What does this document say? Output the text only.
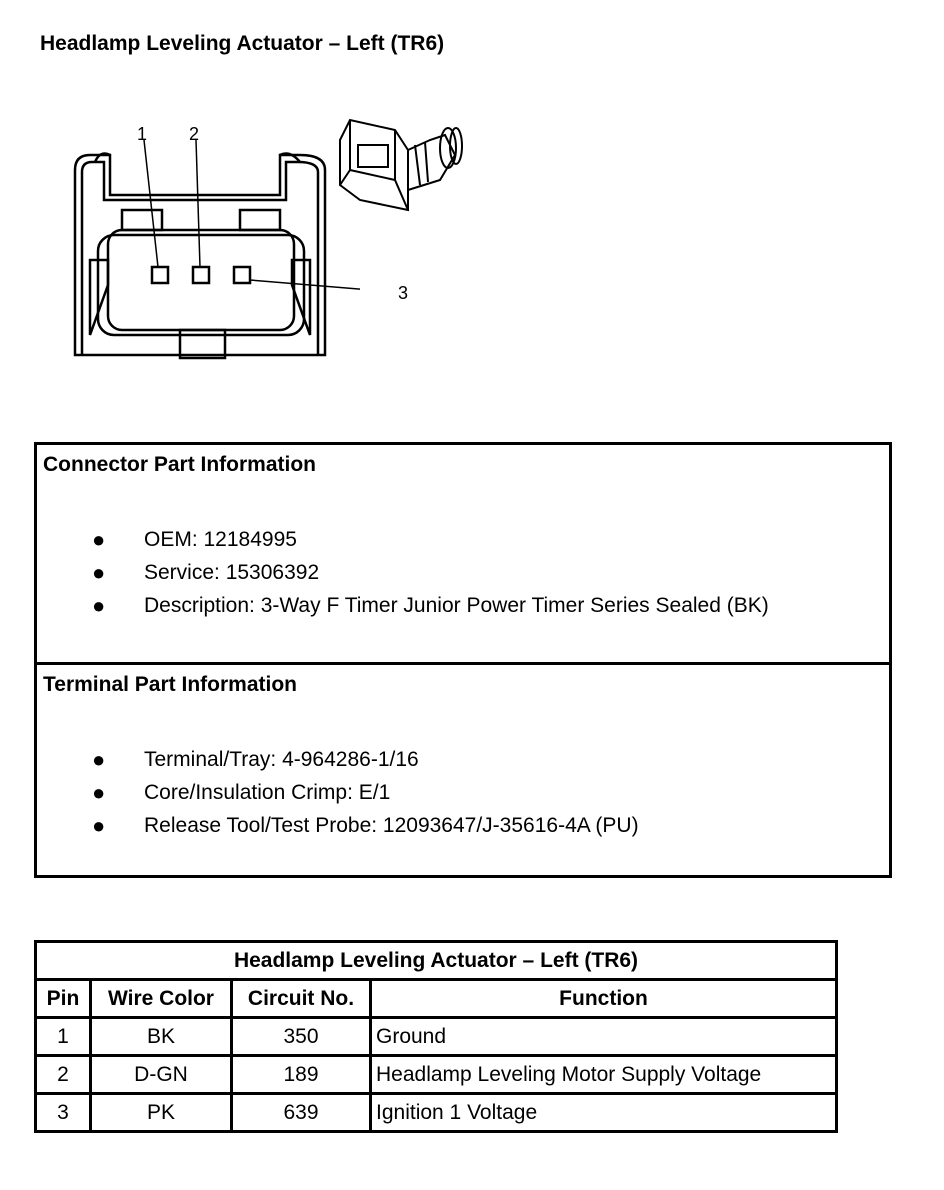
Headlamp Leveling Actuator – Left (TR6)
1 2
3
Connector Part Information
● OEM: 12184995
● Service: 15306392
● Description: 3-Way F Timer Junior Power Timer Series Sealed (BK)
Terminal Part Information
● Terminal/Tray: 4-964286-1/16
● Core/Insulation Crimp: E/1
● Release Tool/Test Probe: 12093647/J-35616-4A (PU)
Headlamp Leveling Actuator – Left (TR6)			
Pin	Wire Color	Circuit No.	Function
1	BK	350	Ground
2	D-GN	189	Headlamp Leveling Motor Supply Voltage
3	PK	639	Ignition 1 Voltage
